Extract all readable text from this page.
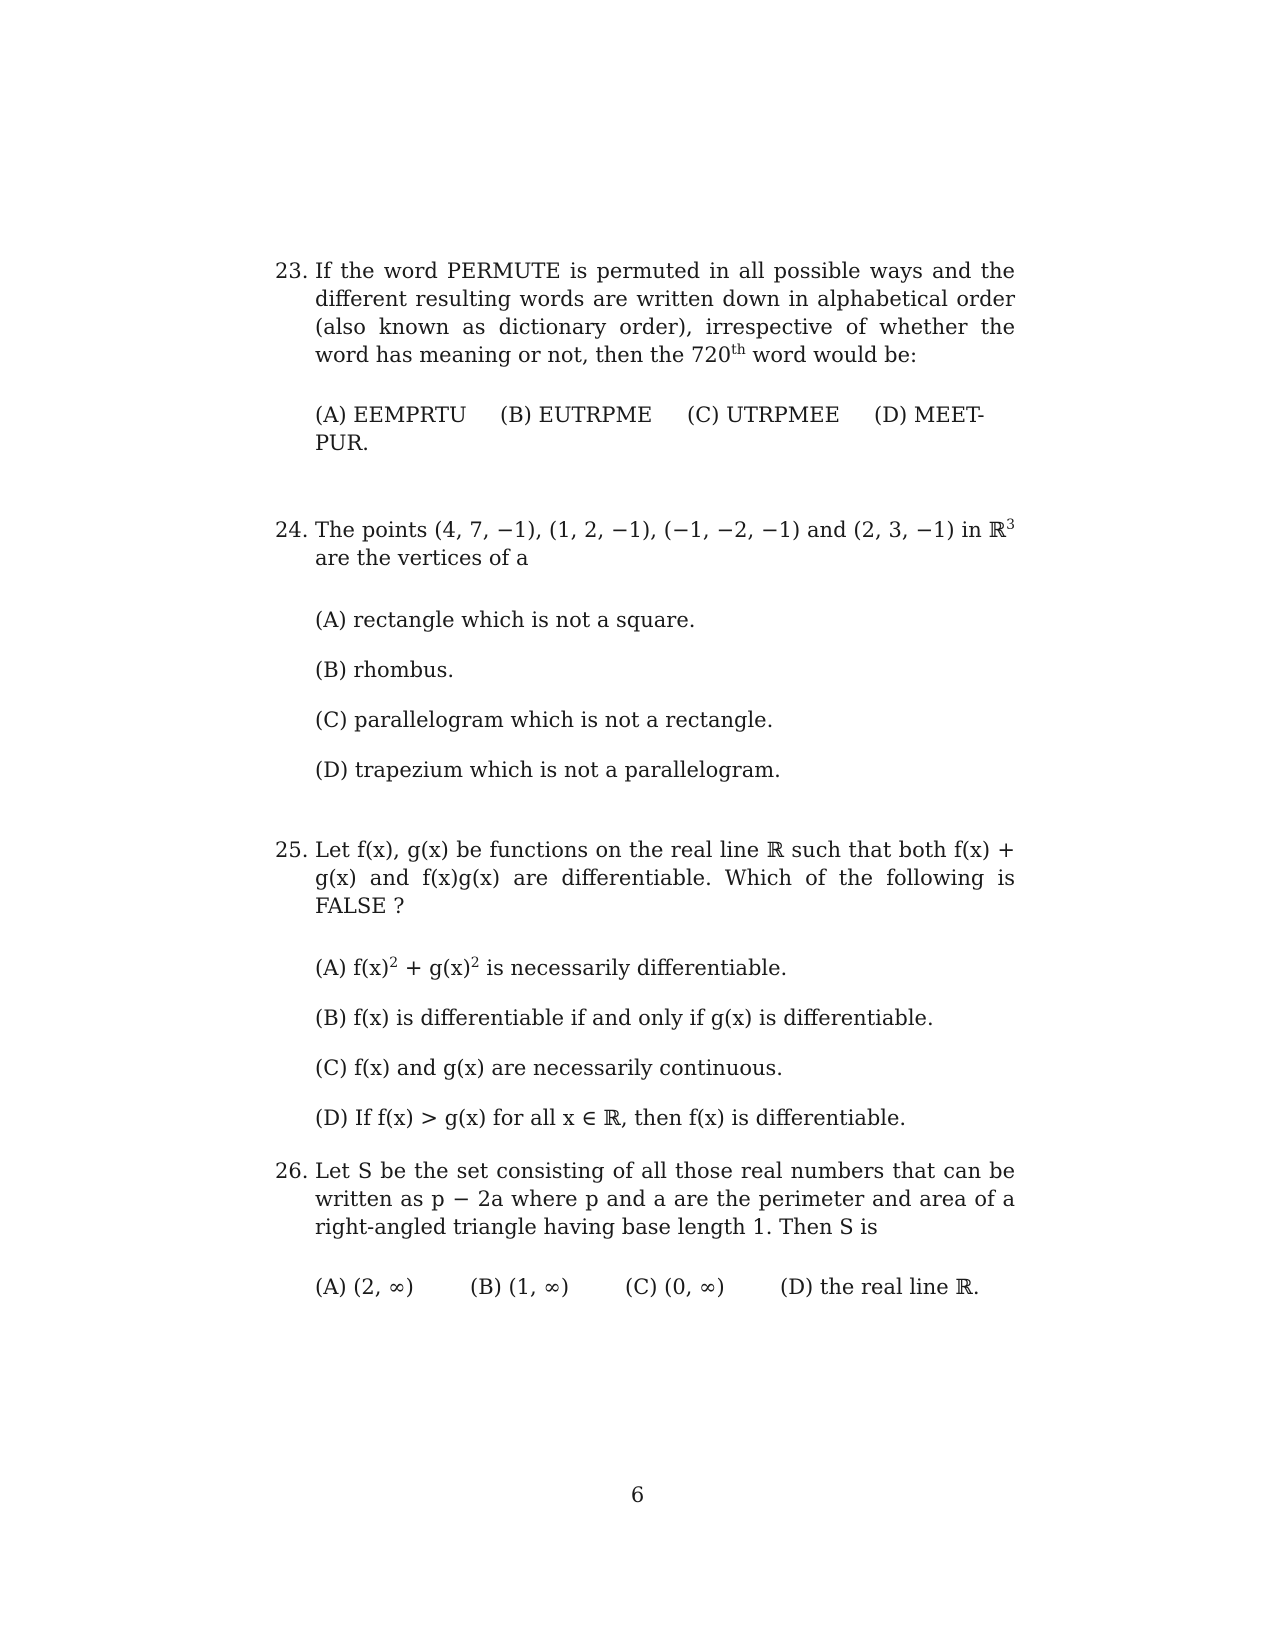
23. If the word PERMUTE is permuted in all possible ways and the different resulting words are written down in alphabetical order (also known as dictionary order), irrespective of whether the word has meaning or not, then the 720th word would be:
(A) EEMPRTU (B) EUTRPME (C) UTRPMEE (D) MEET-
PUR.
24. The points (4, 7, −1), (1, 2, −1), (−1, −2, −1) and (2, 3, −1) in ℝ$^3$ are the vertices of a
(A) rectangle which is not a square.
(B) rhombus.
(C) parallelogram which is not a rectangle.
(D) trapezium which is not a parallelogram.
25. Let f(x), g(x) be functions on the real line ℝ such that both f(x) + g(x) and f(x)g(x) are differentiable. Which of the following is FALSE ?
(A) $f(x)^2 + g(x)^2$ is necessarily differentiable.
(B) f(x) is differentiable if and only if g(x) is differentiable.
(C) f(x) and g(x) are necessarily continuous.
(D) If f(x) > g(x) for all x ∈ ℝ, then f(x) is differentiable.
26. Let S be the set consisting of all those real numbers that can be written as p − 2a where p and a are the perimeter and area of a right-angled triangle having base length 1. Then S is
(A) (2, ∞)	(B) (1, ∞)	(C) (0, ∞)	(D) the real line ℝ.
6
